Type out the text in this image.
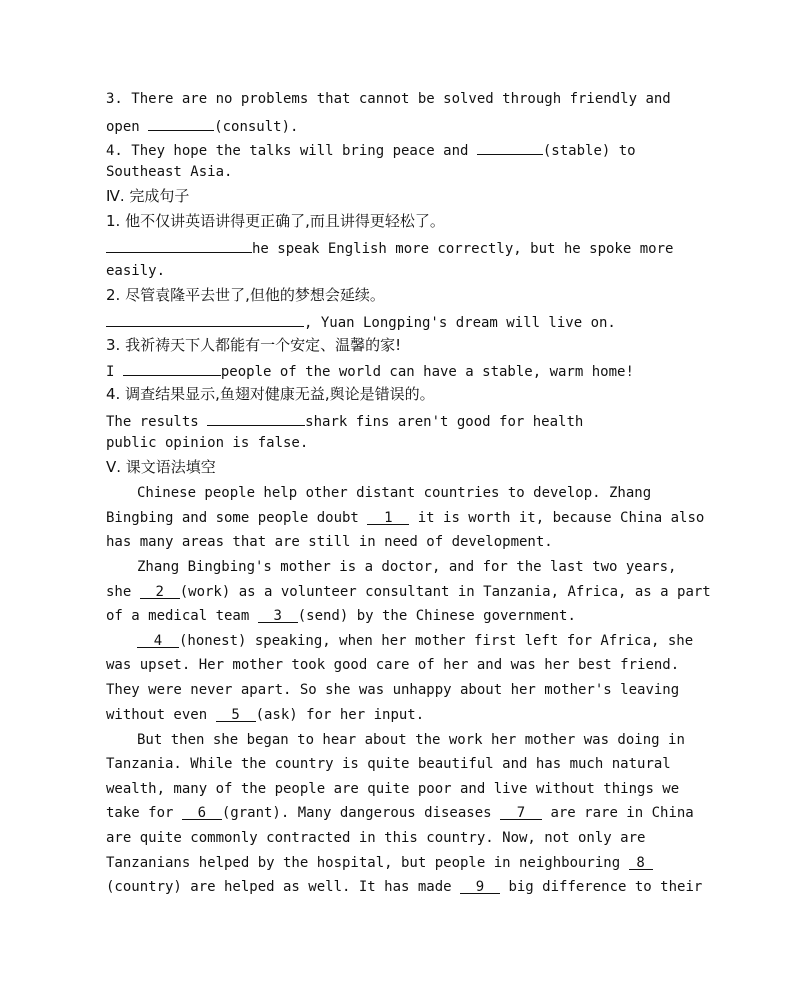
3. There are no problems that cannot be solved through friendly and
open	(consult).
4. They hope the talks will bring peace and	(stable) to
Southeast Asia.
Ⅳ. 完成句子
1. 他不仅讲英语讲得更正确了,而且讲得更轻松了。
he speak English more correctly, but he spoke more
easily.
2. 尽管袁隆平去世了,但他的梦想会延续。
, Yuan Longping's dream will live on.
3. 我祈祷天下人都能有一个安定、温馨的家!
I	people of the world can have a stable, warm home!
4. 调查结果显示,鱼翅对健康无益,舆论是错误的。
The results	shark fins aren't good for health
public opinion is false.
Ⅴ. 课文语法填空
Chinese people help other distant countries to develop. Zhang
Bingbing and some people doubt 1 it is worth it, because China also
has many areas that are still in need of development.
Zhang Bingbing's mother is a doctor, and for the last two years,
she 2 (work) as a volunteer consultant in Tanzania, Africa, as a part
of a medical team 3 (send) by the Chinese government.
4 (honest) speaking, when her mother first left for Africa, she
was upset. Her mother took good care of her and was her best friend.
They were never apart. So she was unhappy about her mother's leaving
without even 5 (ask) for her input.
But then she began to hear about the work her mother was doing in
Tanzania. While the country is quite beautiful and has much natural
wealth, many of the people are quite poor and live without things we
take for 6 (grant). Many dangerous diseases 7 are rare in China
are quite commonly contracted in this country. Now, not only are
Tanzanians helped by the hospital, but people in neighbouring 8
(country) are helped as well. It has made 9 big difference to their
